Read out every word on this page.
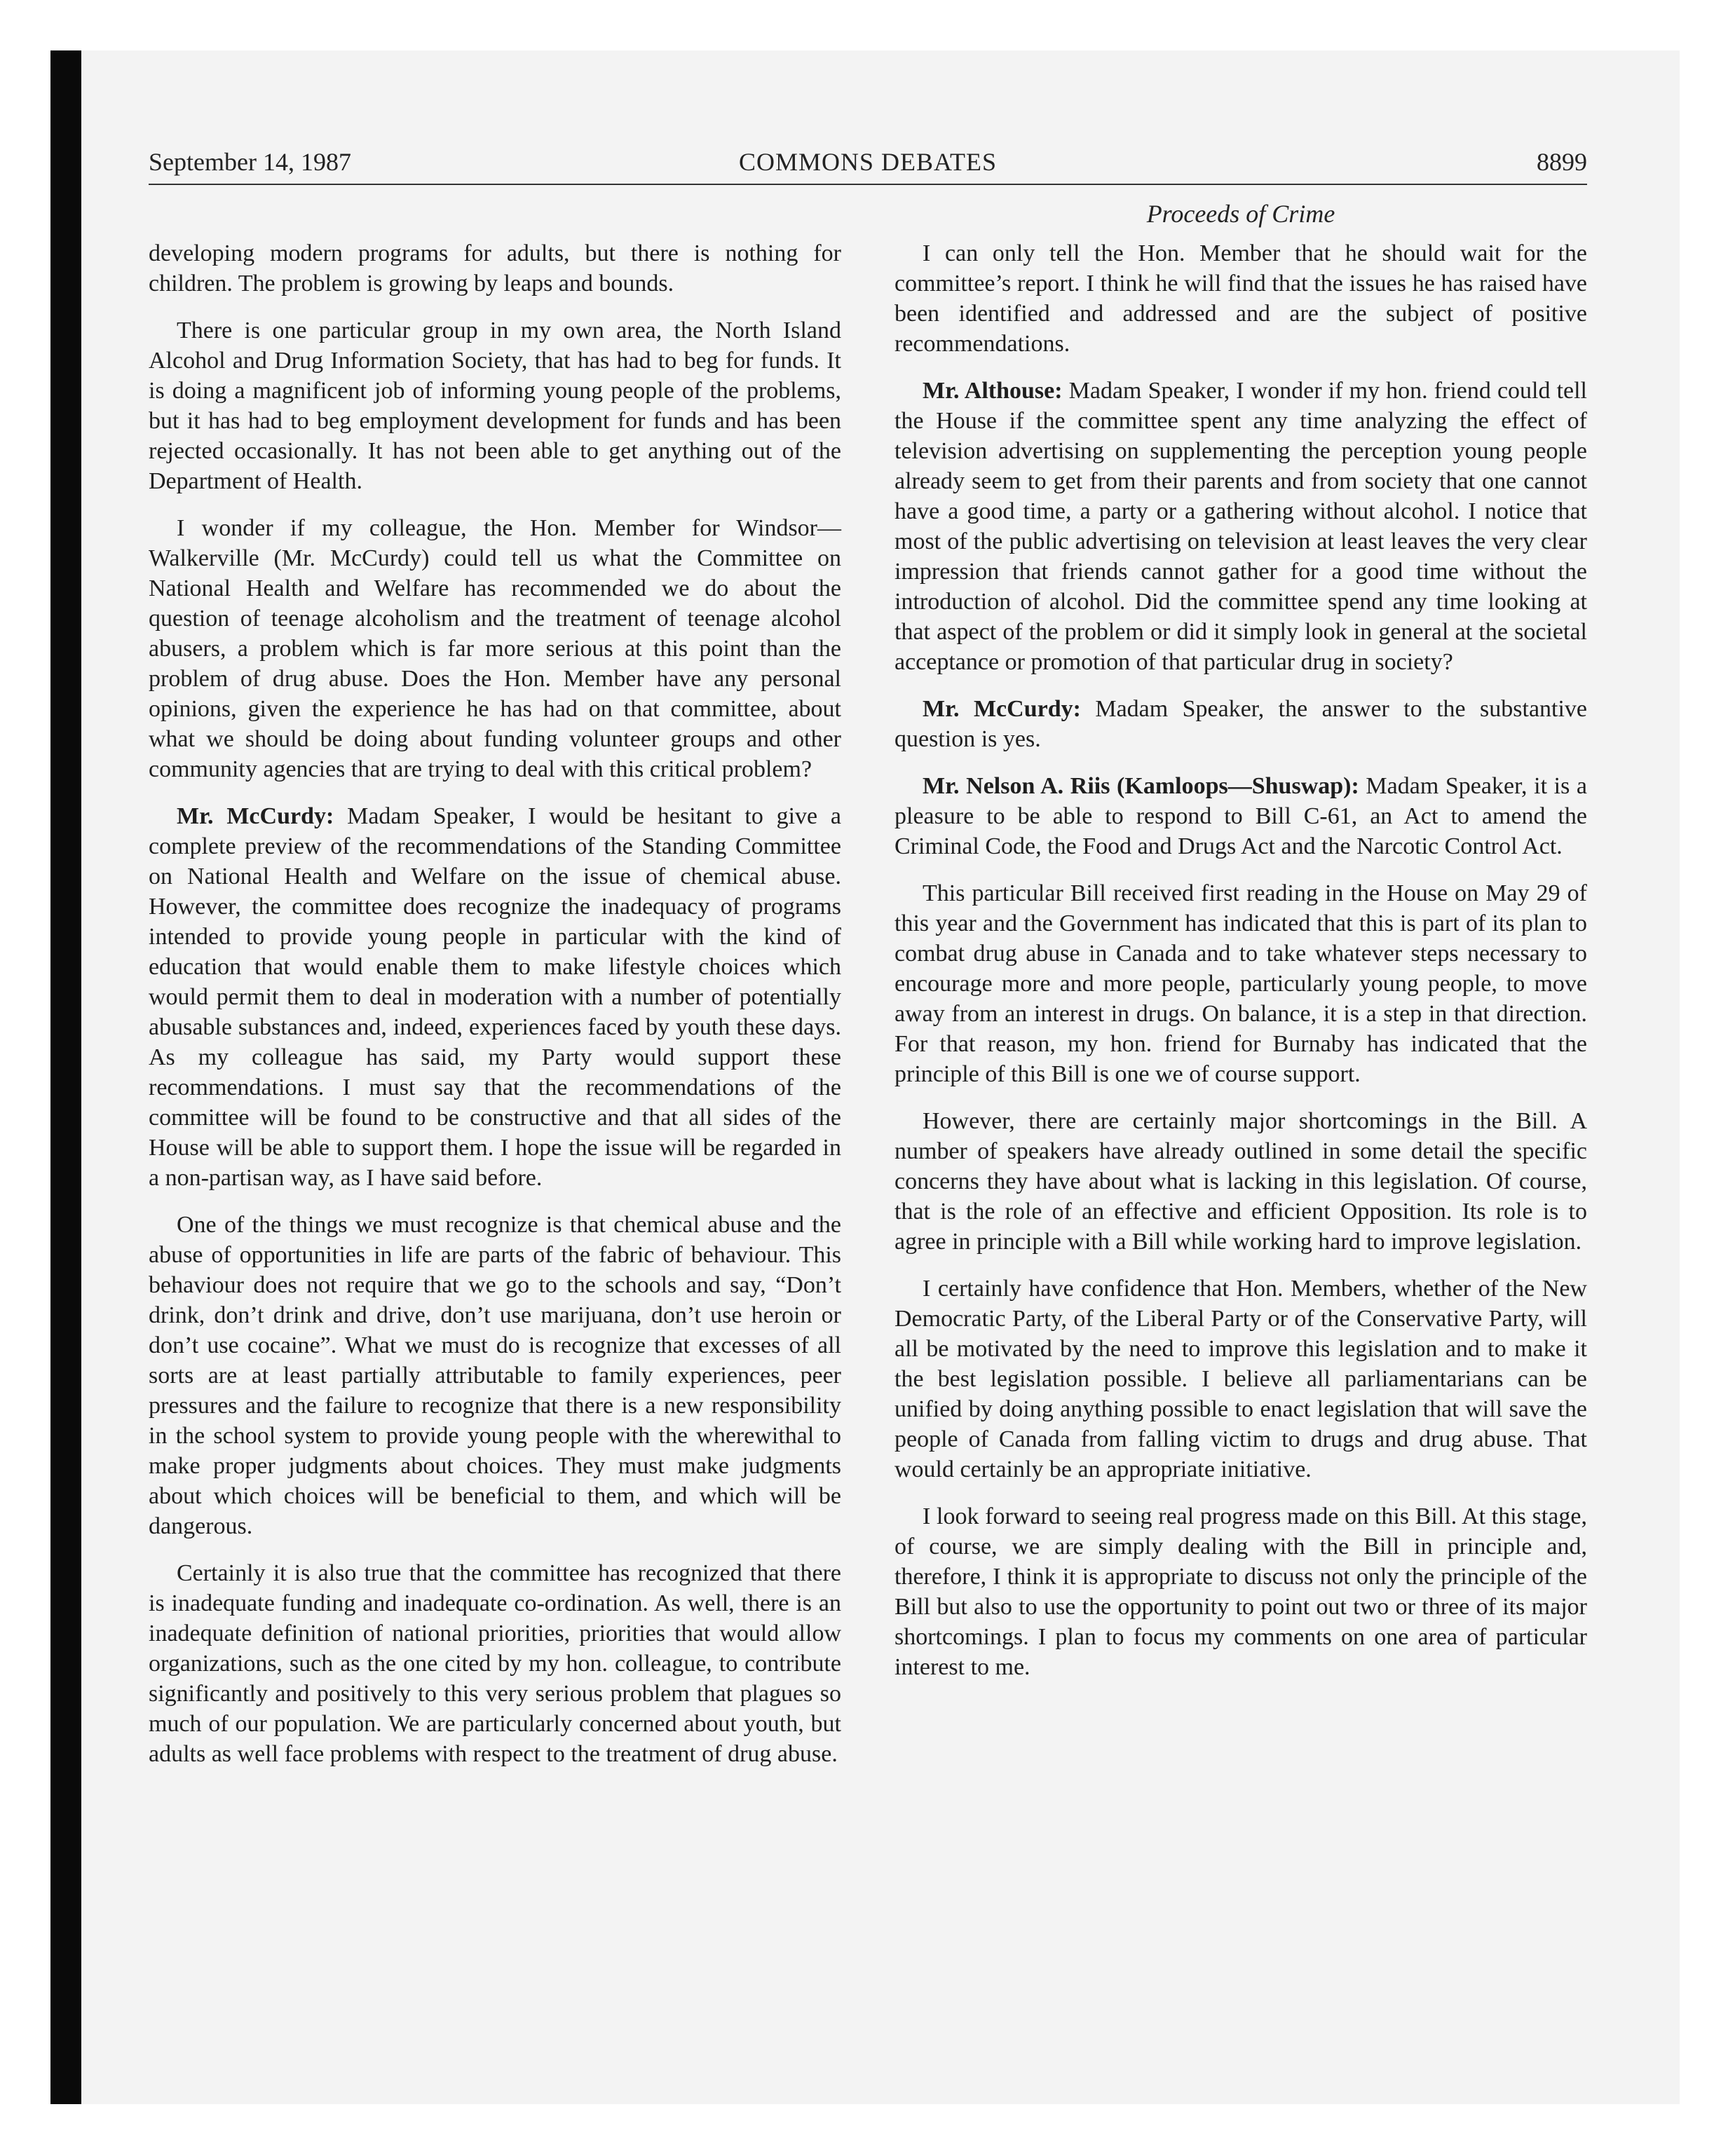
September 14, 1987	COMMONS DEBATES	8899
Proceeds of Crime

developing modern programs for adults, but there is nothing for children. The problem is growing by leaps and bounds.

There is one particular group in my own area, the North Island Alcohol and Drug Information Society, that has had to beg for funds. It is doing a magnificent job of informing young people of the problems, but it has had to beg employment development for funds and has been rejected occasionally. It has not been able to get anything out of the Department of Health.

I wonder if my colleague, the Hon. Member for Windsor—Walkerville (Mr. McCurdy) could tell us what the Committee on National Health and Welfare has recommended we do about the question of teenage alcoholism and the treatment of teenage alcohol abusers, a problem which is far more serious at this point than the problem of drug abuse. Does the Hon. Member have any personal opinions, given the experience he has had on that committee, about what we should be doing about funding volunteer groups and other community agencies that are trying to deal with this critical problem?

Mr. McCurdy: Madam Speaker, I would be hesitant to give a complete preview of the recommendations of the Standing Committee on National Health and Welfare on the issue of chemical abuse. However, the committee does recognize the inadequacy of programs intended to provide young people in particular with the kind of education that would enable them to make lifestyle choices which would permit them to deal in moderation with a number of potentially abusable substances and, indeed, experiences faced by youth these days. As my colleague has said, my Party would support these recommendations. I must say that the recommendations of the committee will be found to be constructive and that all sides of the House will be able to support them. I hope the issue will be regarded in a non-partisan way, as I have said before.

One of the things we must recognize is that chemical abuse and the abuse of opportunities in life are parts of the fabric of behaviour. This behaviour does not require that we go to the schools and say, “Don’t drink, don’t drink and drive, don’t use marijuana, don’t use heroin or don’t use cocaine”. What we must do is recognize that excesses of all sorts are at least partially attributable to family experiences, peer pressures and the failure to recognize that there is a new responsibility in the school system to provide young people with the wherewithal to make proper judgments about choices. They must make judgments about which choices will be beneficial to them, and which will be dangerous.

Certainly it is also true that the committee has recognized that there is inadequate funding and inadequate co-ordination. As well, there is an inadequate definition of national priorities, priorities that would allow organizations, such as the one cited by my hon. colleague, to contribute significantly and positively to this very serious problem that plagues so much of our population. We are particularly concerned about youth, but adults as well face problems with respect to the treatment of drug abuse.

I can only tell the Hon. Member that he should wait for the committee’s report. I think he will find that the issues he has raised have been identified and addressed and are the subject of positive recommendations.

Mr. Althouse: Madam Speaker, I wonder if my hon. friend could tell the House if the committee spent any time analyzing the effect of television advertising on supplementing the perception young people already seem to get from their parents and from society that one cannot have a good time, a party or a gathering without alcohol. I notice that most of the public advertising on television at least leaves the very clear impression that friends cannot gather for a good time without the introduction of alcohol. Did the committee spend any time looking at that aspect of the problem or did it simply look in general at the societal acceptance or promotion of that particular drug in society?

Mr. McCurdy: Madam Speaker, the answer to the substantive question is yes.

Mr. Nelson A. Riis (Kamloops—Shuswap): Madam Speaker, it is a pleasure to be able to respond to Bill C-61, an Act to amend the Criminal Code, the Food and Drugs Act and the Narcotic Control Act.

This particular Bill received first reading in the House on May 29 of this year and the Government has indicated that this is part of its plan to combat drug abuse in Canada and to take whatever steps necessary to encourage more and more people, particularly young people, to move away from an interest in drugs. On balance, it is a step in that direction. For that reason, my hon. friend for Burnaby has indicated that the principle of this Bill is one we of course support.

However, there are certainly major shortcomings in the Bill. A number of speakers have already outlined in some detail the specific concerns they have about what is lacking in this legislation. Of course, that is the role of an effective and efficient Opposition. Its role is to agree in principle with a Bill while working hard to improve legislation.

I certainly have confidence that Hon. Members, whether of the New Democratic Party, of the Liberal Party or of the Conservative Party, will all be motivated by the need to improve this legislation and to make it the best legislation possible. I believe all parliamentarians can be unified by doing anything possible to enact legislation that will save the people of Canada from falling victim to drugs and drug abuse. That would certainly be an appropriate initiative.

I look forward to seeing real progress made on this Bill. At this stage, of course, we are simply dealing with the Bill in principle and, therefore, I think it is appropriate to discuss not only the principle of the Bill but also to use the opportunity to point out two or three of its major shortcomings. I plan to focus my comments on one area of particular interest to me.
